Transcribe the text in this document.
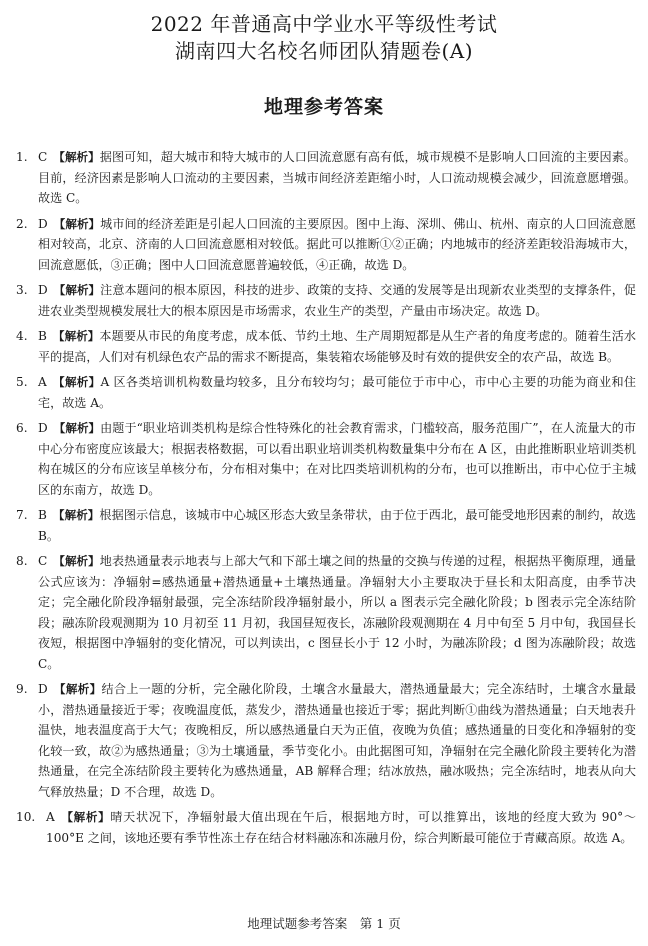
2022 年普通高中学业水平等级性考试
湖南四大名校名师团队猜题卷(A)
地理参考答案
1. C 【解析】据图可知，超大城市和特大城市的人口回流意愿有高有低，城市规模不是影响人口回流的主要因素。目前，经济因素是影响人口流动的主要因素，当城市间经济差距缩小时，人口流动规模会减少，回流意愿增强。故选 C。
2. D 【解析】城市间的经济差距是引起人口回流的主要原因。图中上海、深圳、佛山、杭州、南京的人口回流意愿相对较高，北京、济南的人口回流意愿相对较低。据此可以推断①②正确；内地城市的经济差距较沿海城市大，回流意愿低，③正确；图中人口回流意愿普遍较低，④正确，故选 D。
3. D 【解析】注意本题问的根本原因，科技的进步、政策的支持、交通的发展等是出现新农业类型的支撑条件，促进农业类型规模发展壮大的根本原因是市场需求，农业生产的类型，产量由市场决定。故选 D。
4. B 【解析】本题要从市民的角度考虑，成本低、节约土地、生产周期短都是从生产者的角度考虑的。随着生活水平的提高，人们对有机绿色农产品的需求不断提高，集装箱农场能够及时有效的提供安全的农产品，故选 B。
5. A 【解析】A 区各类培训机构数量均较多，且分布较均匀；最可能位于市中心，市中心主要的功能为商业和住宅，故选 A。
6. D 【解析】由题于“职业培训类机构是综合性特殊化的社会教育需求，门槛较高，服务范围广”，在人流量大的市中心分布密度应该最大；根据表格数据，可以看出职业培训类机构数量集中分布在 A 区，由此推断职业培训类机构在城区的分布应该呈单核分布，分布相对集中；在对比四类培训机构的分布，也可以推断出，市中心位于主城区的东南方，故选 D。
7. B 【解析】根据图示信息，该城市中心城区形态大致呈条带状，由于位于西北，最可能受地形因素的制约，故选 B。
8. C 【解析】地表热通量表示地表与上部大气和下部土壤之间的热量的交换与传递的过程，根据热平衡原理，通量公式应该为：净辐射=感热通量+潜热通量+土壤热通量。净辐射大小主要取决于昼长和太阳高度，由季节决定；完全融化阶段净辐射最强，完全冻结阶段净辐射最小，所以 a 图表示完全融化阶段；b 图表示完全冻结阶段；融冻阶段观测期为 10 月初至 11 月初，我国昼短夜长，冻融阶段观测期在 4 月中旬至 5 月中旬，我国昼长夜短，根据图中净辐射的变化情况，可以判读出，c 图昼长小于 12 小时，为融冻阶段；d 图为冻融阶段；故选 C。
9. D 【解析】结合上一题的分析，完全融化阶段，土壤含水量最大，潜热通量最大；完全冻结时，土壤含水量最小，潜热通量接近于零；夜晚温度低，蒸发少，潜热通量也接近于零；据此判断①曲线为潜热通量；白天地表升温快，地表温度高于大气；夜晚相反，所以感热通量白天为正值，夜晚为负值；感热通量的日变化和净辐射的变化较一致，故②为感热通量；③为土壤通量，季节变化小。由此据图可知，净辐射在完全融化阶段主要转化为潜热通量，在完全冻结阶段主要转化为感热通量，AB 解释合理；结冰放热，融冰吸热；完全冻结时，地表从向大气释放热量；D 不合理，故选 D。
10. A 【解析】晴天状况下，净辐射最大值出现在午后，根据地方时，可以推算出，该地的经度大致为 90°～100°E 之间，该地还要有季节性冻土存在结合材料融冻和冻融月份，综合判断最可能位于青藏高原。故选 A。
地理试题参考答案　第 1 页
